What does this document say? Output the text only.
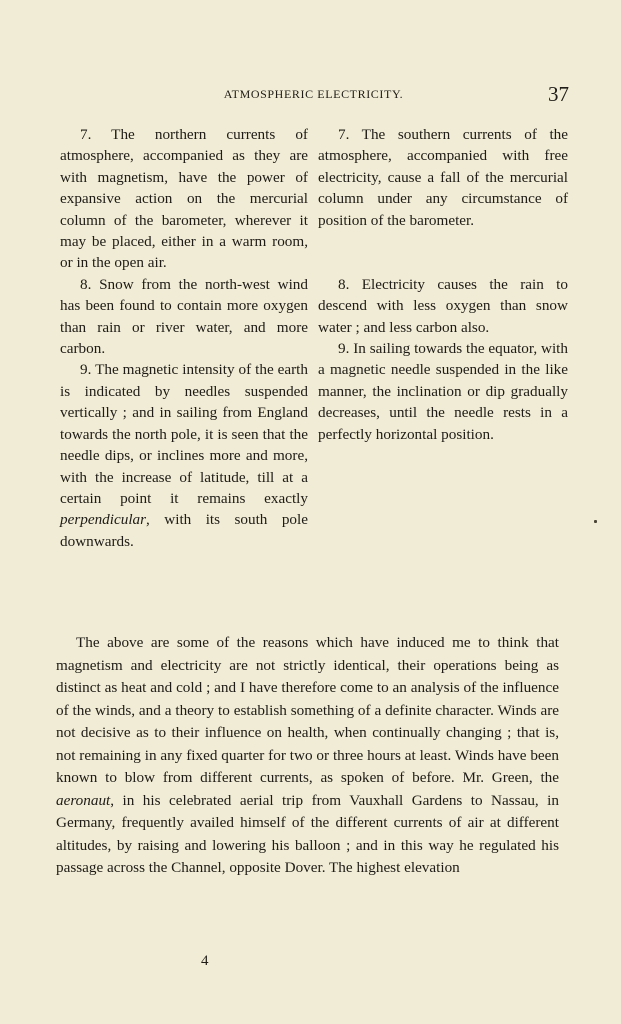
ATMOSPHERIC ELECTRICITY.	37

7. The northern currents of atmosphere, accompanied as they are with magnetism, have the power of expansive action on the mercurial column of the barometer, wherever it may be placed, either in a warm room, or in the open air.

8. Snow from the north-west wind has been found to contain more oxygen than rain or river water, and more carbon.

9. The magnetic intensity of the earth is indicated by needles suspended vertically ; and in sailing from England towards the north pole, it is seen that the needle dips, or inclines more and more, with the increase of latitude, till at a certain point it remains exactly perpendicular, with its south pole downwards.

7. The southern currents of the atmosphere, accompanied with free electricity, cause a fall of the mercurial column under any circumstance of position of the barometer.

8. Electricity causes the rain to descend with less oxygen than snow water ; and less carbon also.

9. In sailing towards the equator, with a magnetic needle suspended in the like manner, the inclination or dip gradually decreases, until the needle rests in a perfectly horizontal position.

The above are some of the reasons which have induced me to think that magnetism and electricity are not strictly identical, their operations being as distinct as heat and cold ; and I have therefore come to an analysis of the influence of the winds, and a theory to establish something of a definite character. Winds are not decisive as to their influence on health, when continually changing ; that is, not remaining in any fixed quarter for two or three hours at least. Winds have been known to blow from different currents, as spoken of before. Mr. Green, the aeronaut, in his celebrated aerial trip from Vauxhall Gardens to Nassau, in Germany, frequently availed himself of the different currents of air at different altitudes, by raising and lowering his balloon ; and in this way he regulated his passage across the Channel, opposite Dover. The highest elevation

4
